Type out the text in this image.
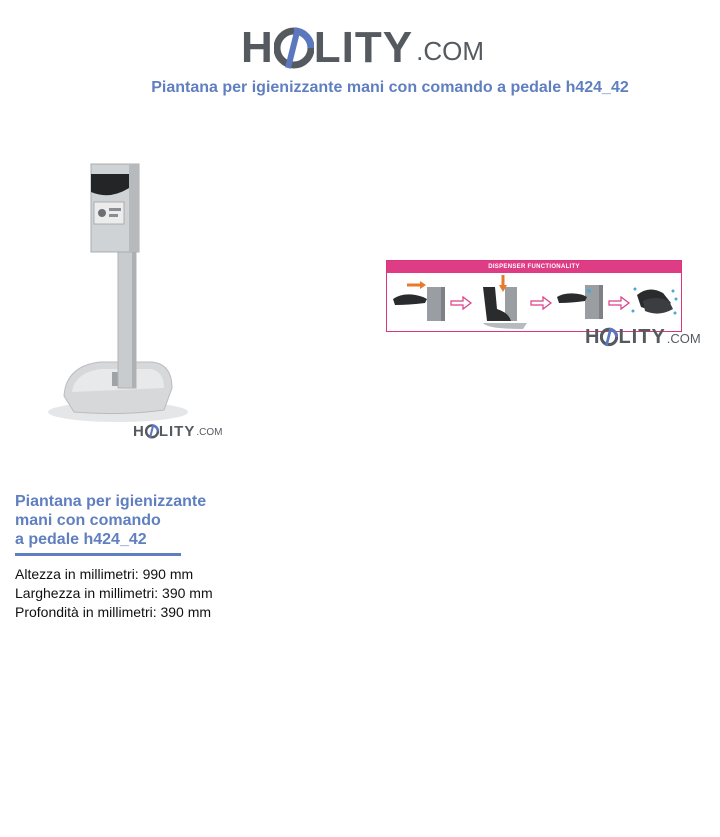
H LITY .COM
Piantana per igienizzante mani con comando a pedale h424_42
H LITY .COM
DISPENSER FUNCTIONALITY
H LITY .COM
Piantana per igienizzante
mani con comando
a pedale h424_42
Altezza in millimetri: 990 mm
Larghezza in millimetri: 390 mm
Profondità in millimetri: 390 mm
